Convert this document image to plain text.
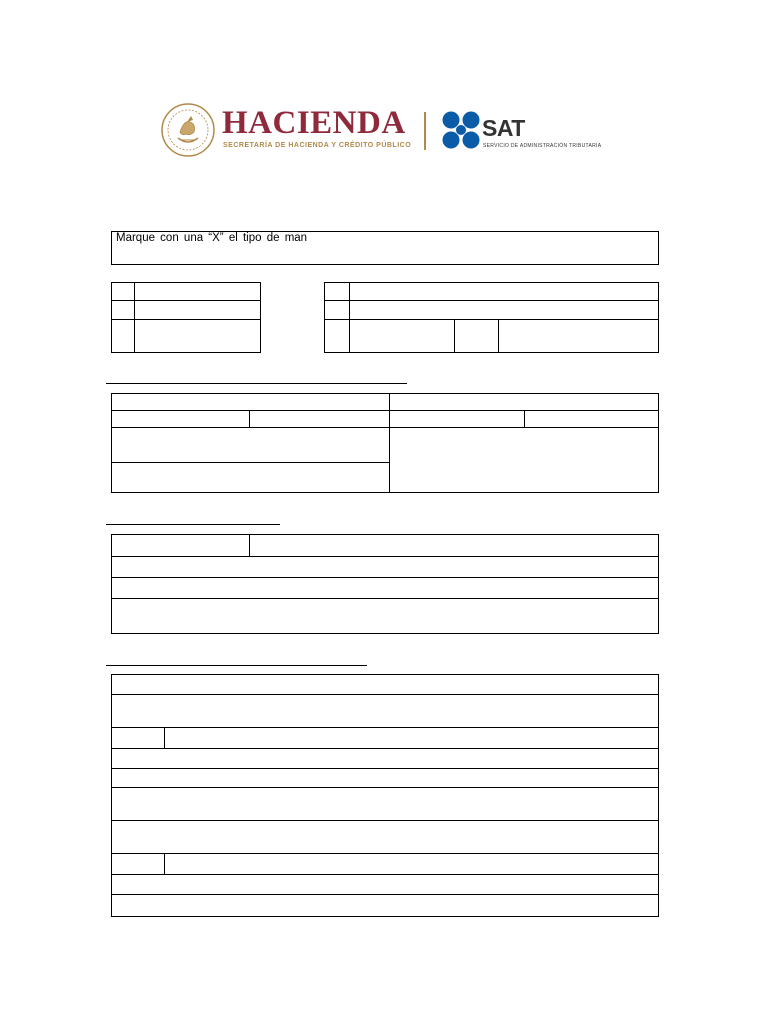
HACIENDA
SECRETARÍA DE HACIENDA Y CRÉDITO PÚBLICO
SAT
SERVICIO DE ADMINISTRACIÓN TRIBUTARIA
Marque con una “X” el tipo de man
